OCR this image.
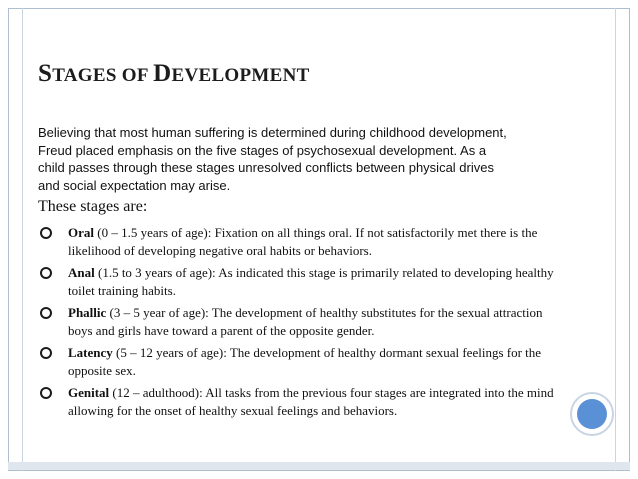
STAGES OF DEVELOPMENT
Believing that most human suffering is determined during childhood development, Freud placed emphasis on the five stages of psychosexual development. As a child passes through these stages unresolved conflicts between physical drives and social expectation may arise.
These stages are:
Oral (0 – 1.5 years of age): Fixation on all things oral. If not satisfactorily met there is the likelihood of developing negative oral habits or behaviors.
Anal (1.5 to 3 years of age): As indicated this stage is primarily related to developing healthy toilet training habits.
Phallic (3 – 5 year of age): The development of healthy substitutes for the sexual attraction boys and girls have toward a parent of the opposite gender.
Latency (5 – 12 years of age): The development of healthy dormant sexual feelings for the opposite sex.
Genital (12 – adulthood): All tasks from the previous four stages are integrated into the mind allowing for the onset of healthy sexual feelings and behaviors.
